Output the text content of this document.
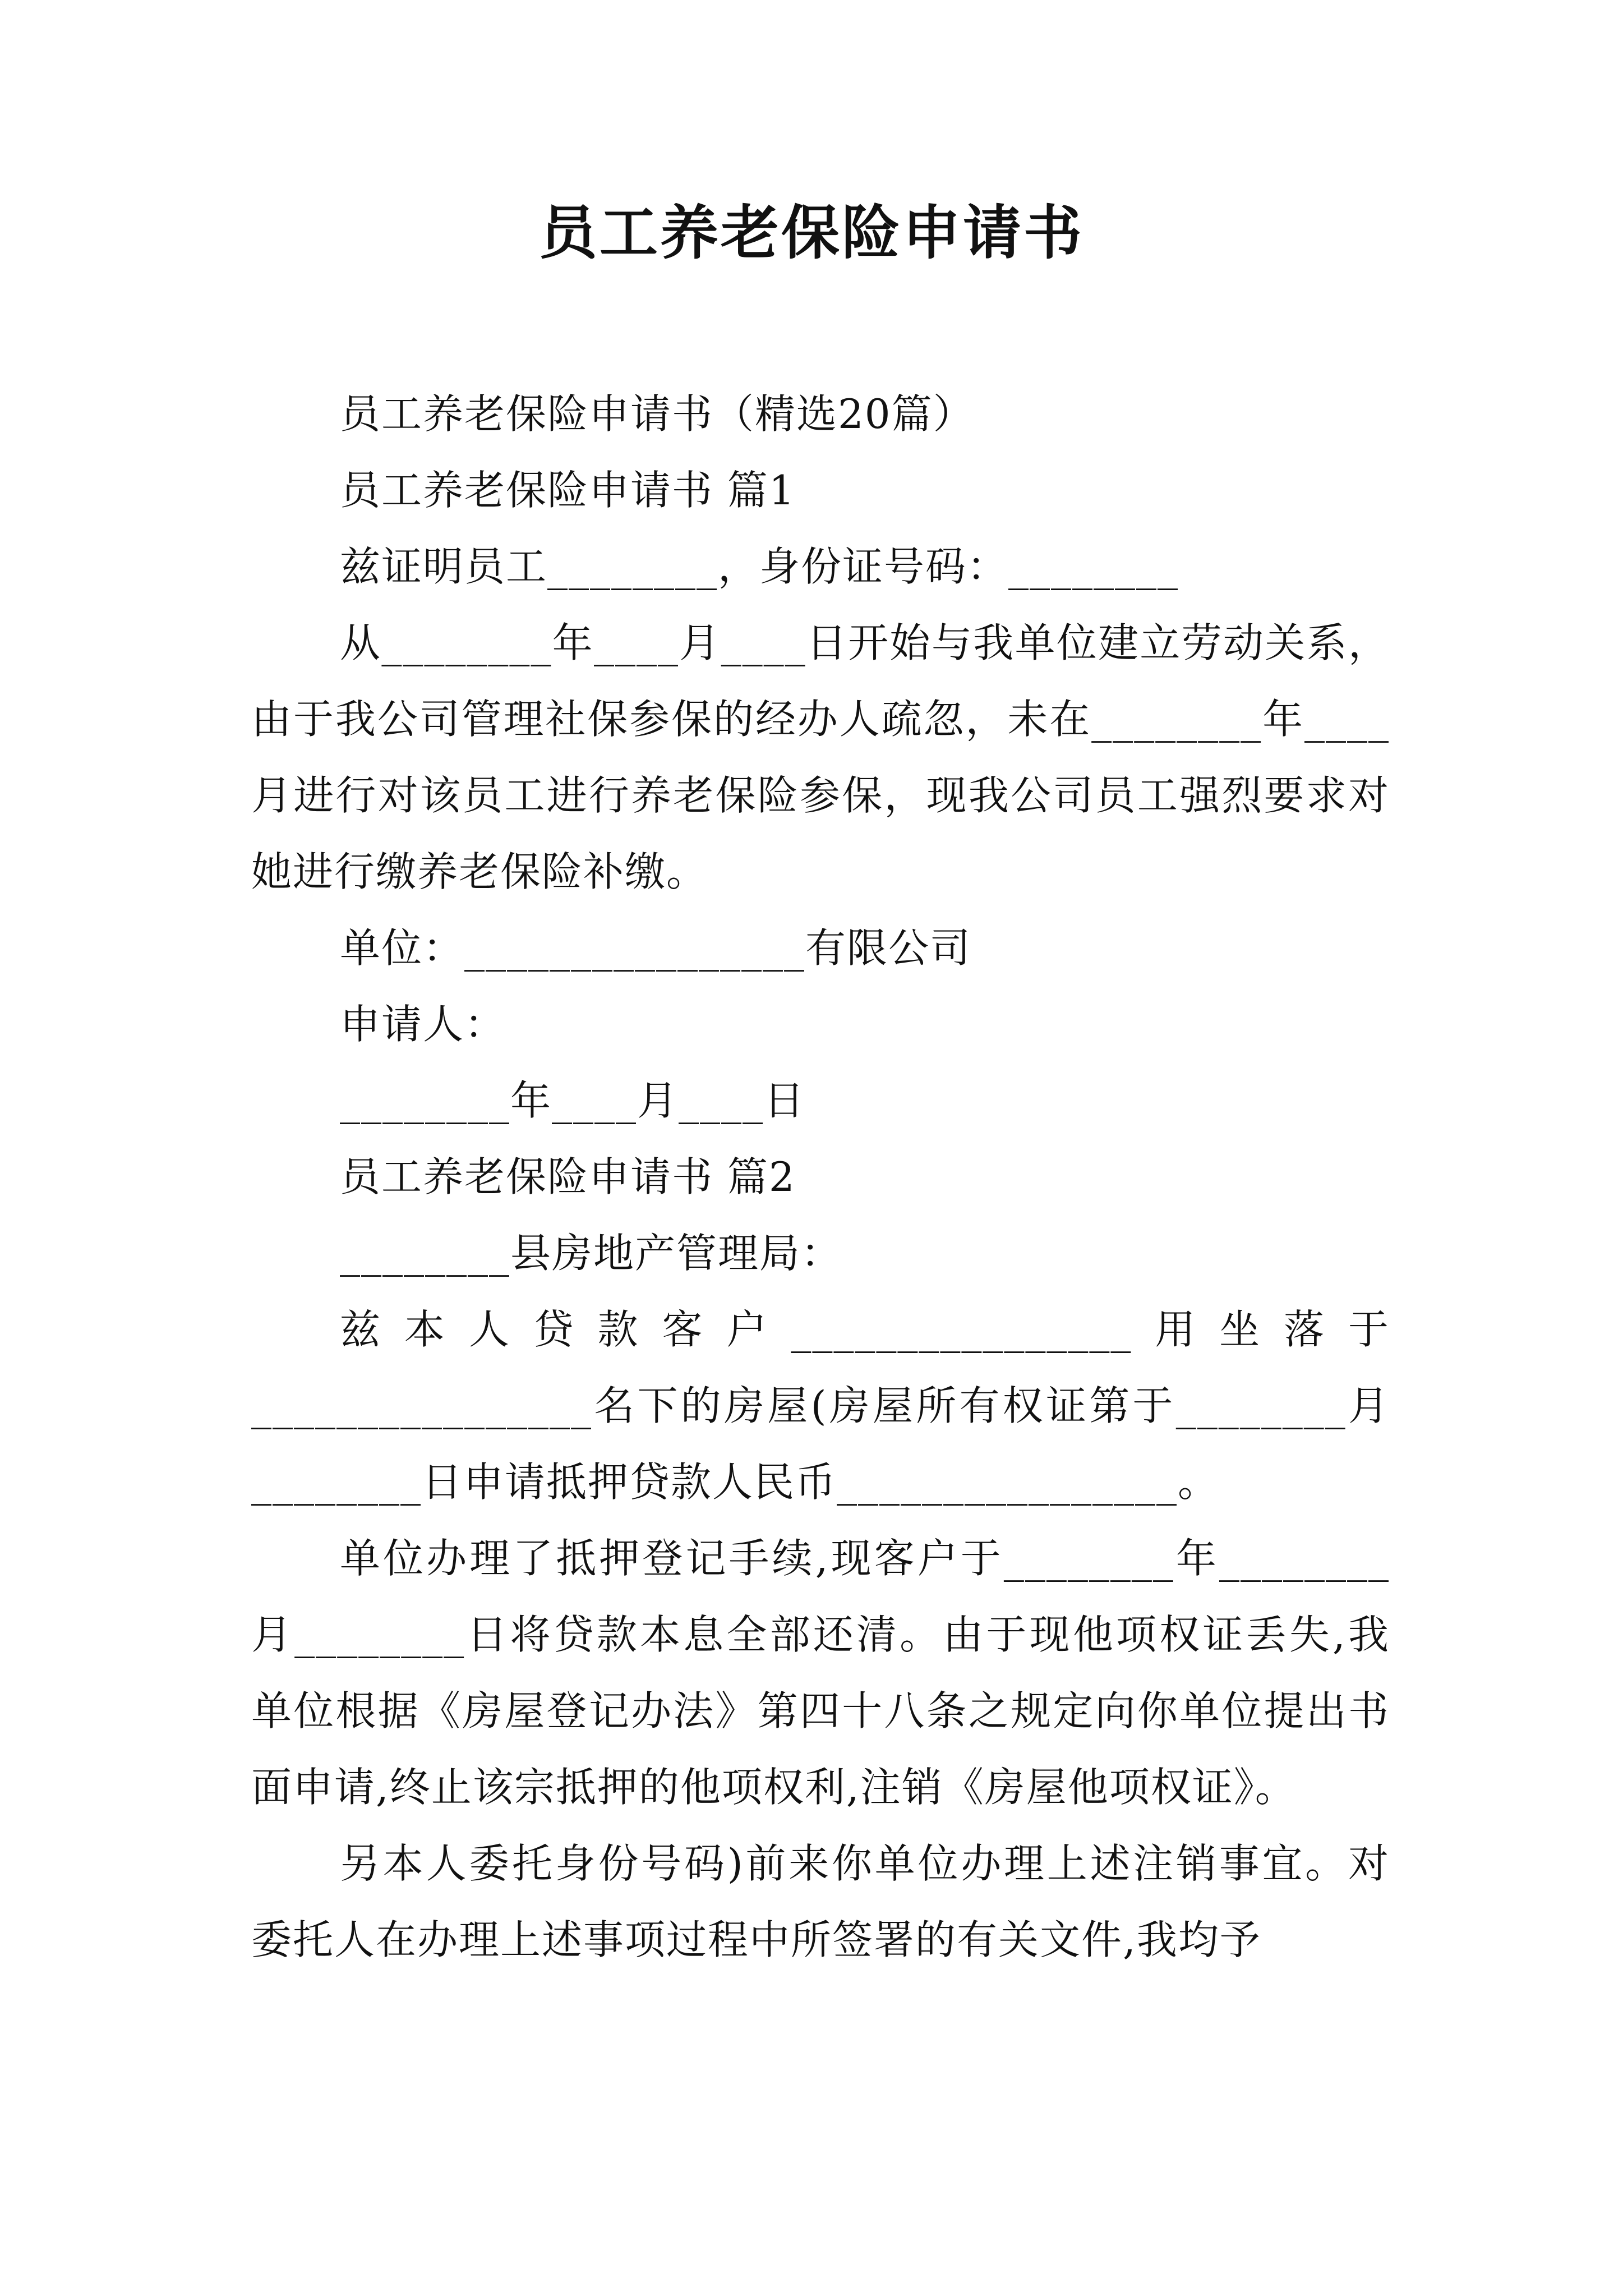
员工养老保险申请书

员工养老保险申请书（精选20篇）

员工养老保险申请书 篇1

兹证明员工________，身份证号码：________

从________年____月____日开始与我单位建立劳动关系，由于我公司管理社保参保的经办人疏忽，未在________年____月进行对该员工进行养老保险参保，现我公司员工强烈要求对她进行缴养老保险补缴。

单位：________________有限公司

申请人：

________年____月____日

员工养老保险申请书 篇2

________县房地产管理局：

兹本人贷款客户________________用坐落于________________名下的房屋(房屋所有权证第于________月________日申请抵押贷款人民币________________。

单位办理了抵押登记手续,现客户于________年________月________日将贷款本息全部还清。由于现他项权证丢失,我单位根据《房屋登记办法》第四十八条之规定向你单位提出书面申请,终止该宗抵押的他项权利,注销《房屋他项权证》。

另本人委托身份号码)前来你单位办理上述注销事宜。对委托人在办理上述事项过程中所签署的有关文件,我均予
